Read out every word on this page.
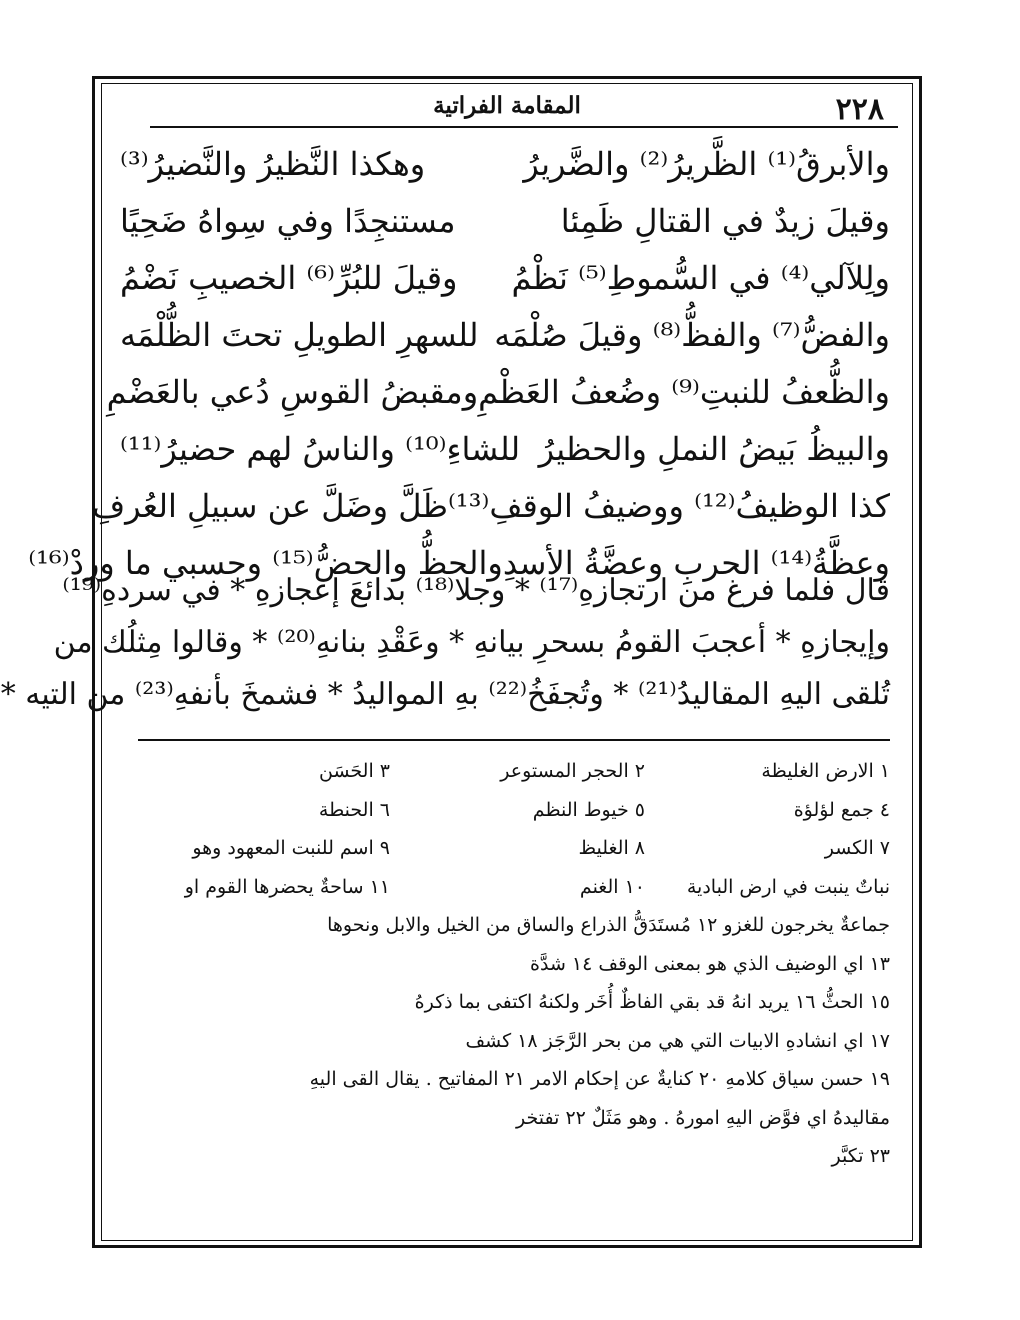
المقامة الفراتية	٢٢٨
والأبرقُ⁽¹⁾ الظَّريرُ⁽²⁾ والضَّريرُ
وهكذا النَّظيرُ والنَّضيرُ⁽³⁾
وقيلَ زيدٌ في القتالِ ظَمِئا
مستنجِدًا وفي سِواهُ ضَحِيًا
ولِلآلي⁽⁴⁾ في السُّموطِ⁽⁵⁾ نَظْمُ
وقيلَ للبُرِّ⁽⁶⁾ الخصيبِ نَضْمُ
والفضُّ⁽⁷⁾ والفظُّ⁽⁸⁾ وقيلَ صُلْمَه
للسهرِ الطويلِ تحتَ الظُّلْمَه
والظُّعفُ للنبتِ⁽⁹⁾ وضُعفُ العَظْمِ
ومقبضُ القوسِ دُعي بالعَضْمِ
والبيظُ بَيضُ النملِ والحظيرُ
للشاءِ⁽¹⁰⁾ والناسُ لهم حضيرُ⁽¹¹⁾
كذا الوظيفُ⁽¹²⁾ ووضيفُ الوقفِ⁽¹³⁾
ظَلَّ وضَلَّ عن سبيلِ العُرفِ
وعظَّةُ⁽¹⁴⁾ الحربِ وعضَّةُ الأسدِ
والحظُّ والحضُّ⁽¹⁵⁾ وحسبي ما وردْ⁽¹⁶⁾
قال فلما فرغ من ارتجازهِ⁽¹⁷⁾ * وجلا⁽¹⁸⁾ بدائعَ إعجازهِ * في سردهِ⁽¹⁹⁾
وإيجازهِ * أعجبَ القومُ بسحرِ بيانهِ * وعَقْدِ بنانهِ⁽²⁰⁾ * وقالوا مِثلُك من
تُلقى اليهِ المقاليدُ⁽²¹⁾ * وتُجفَخُ⁽²²⁾ بهِ المواليدُ * فشمخَ بأنفهِ⁽²³⁾ من التيه *
١ الارض الغليظة
٢ الحجر المستوعر
٣ الحَسَن
٤ جمع لؤلؤة
٥ خيوط النظم
٦ الحنطة
٧ الكسر
٨ الغليظ
٩ اسم للنبت المعهود وهو
نباتٌ ينبت في ارض البادية
١٠ الغنم
١١ ساحةٌ يحضرها القوم او
جماعةٌ يخرجون للغزو ١٢ مُستَدَقُّ الذراع والساق من الخيل والابل ونحوها
١٣ اي الوضيف الذي هو بمعنى الوقف ١٤ شدَّة
١٥ الحثُّ ١٦ يريد انهُ قد بقي الفاظٌ أُخَر ولكنهُ اكتفى بما ذكرهُ
١٧ اي انشادهِ الابيات التي هي من بحر الرَّجَز ١٨ كشف
١٩ حسن سياق كلامهِ ٢٠ كنايةٌ عن إحكام الامر ٢١ المفاتيح . يقال القى اليهِ
مقاليدهُ اي فوَّض اليهِ امورهُ . وهو مَثَلٌ ٢٢ تفتخر
٢٣ تكبَّر
